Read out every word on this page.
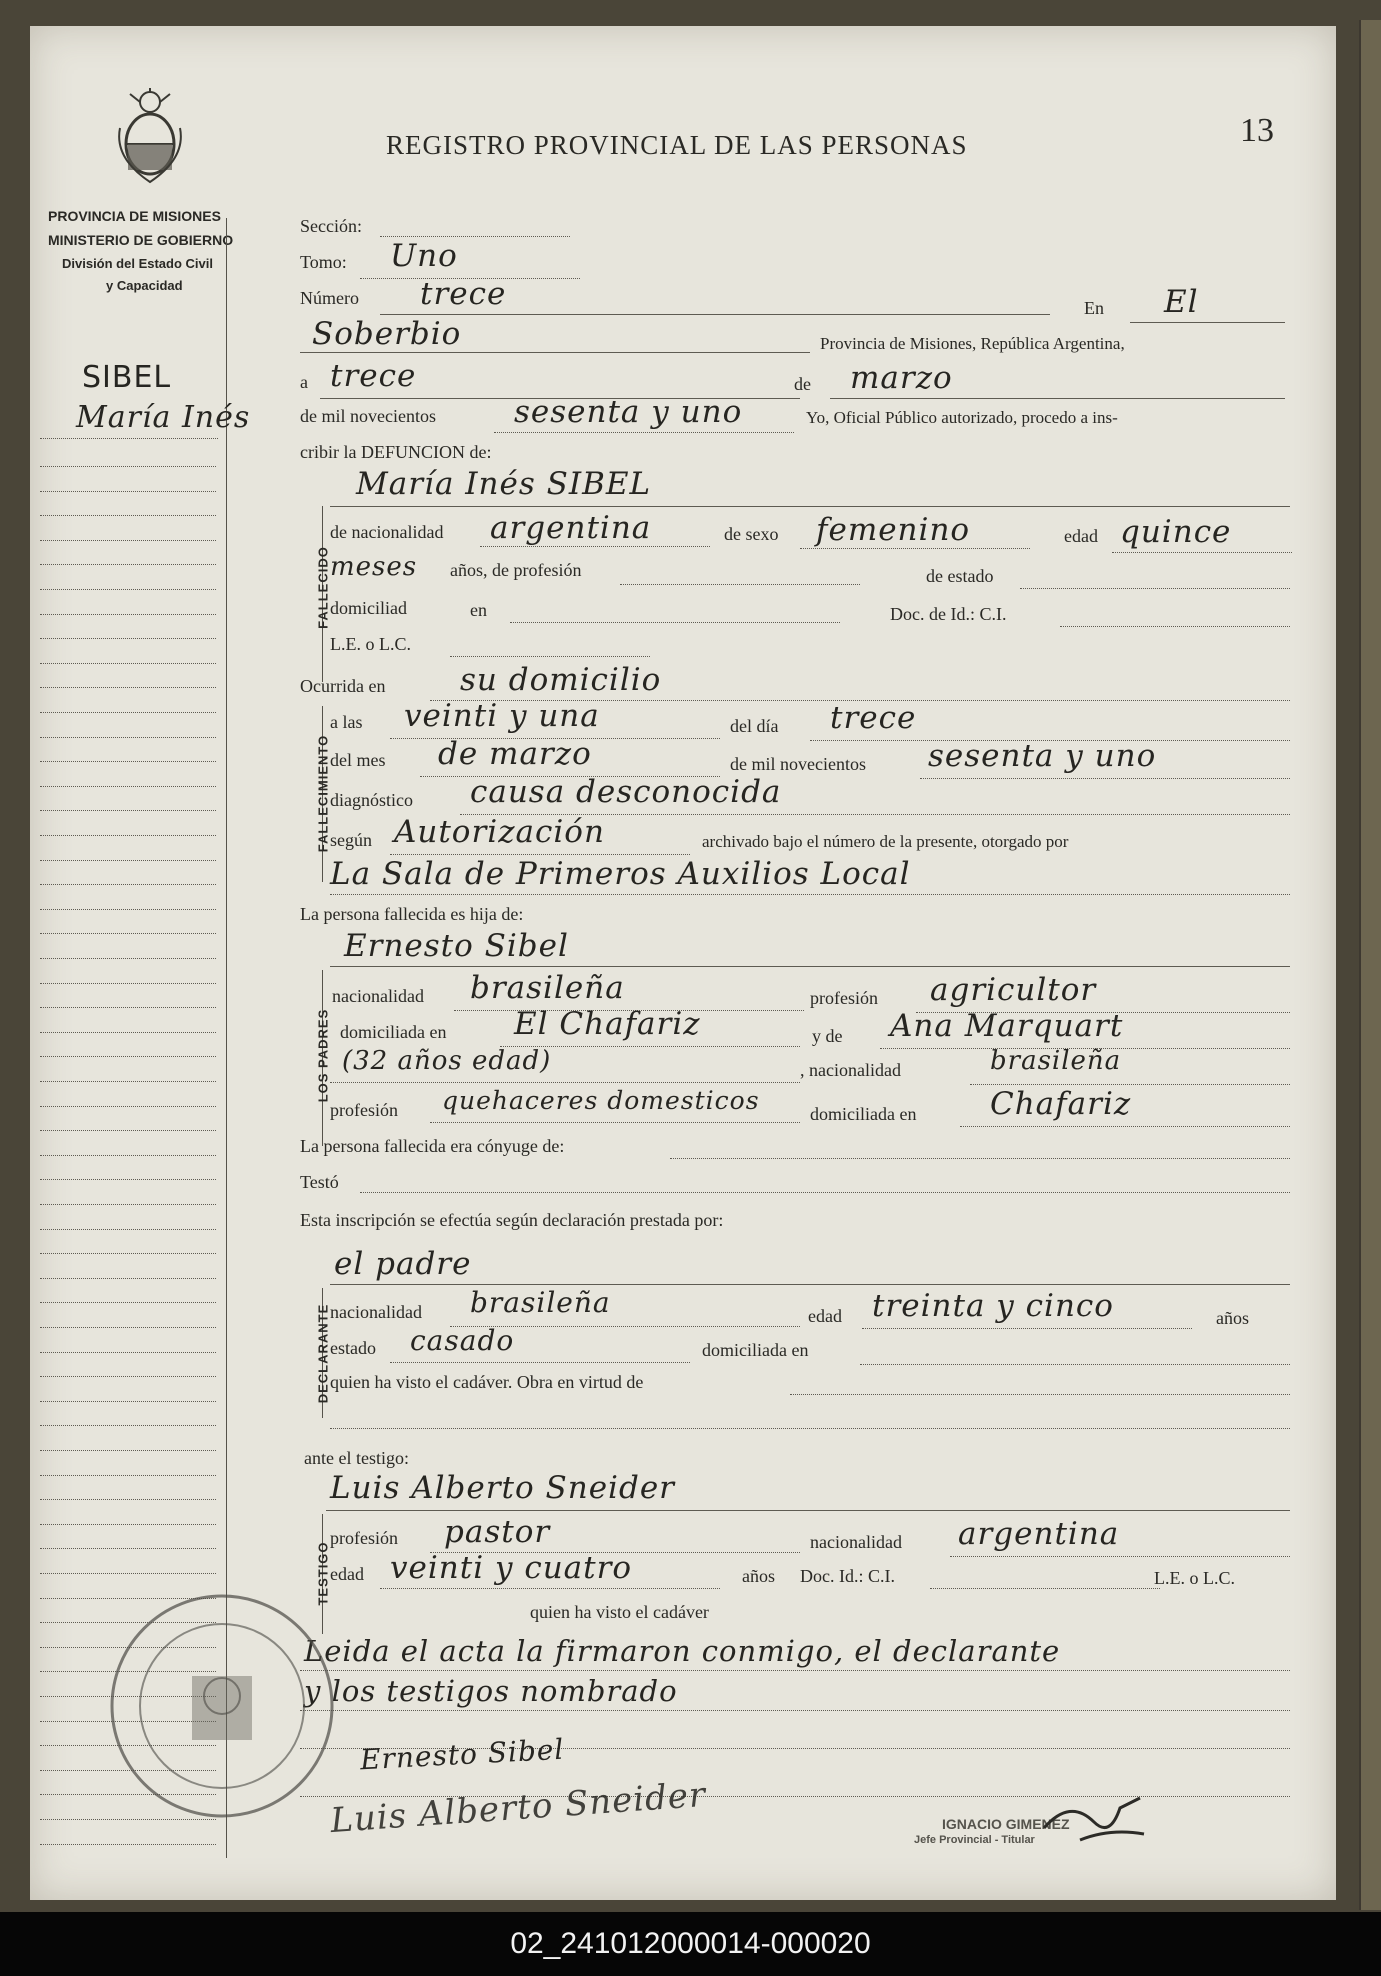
PROVINCIA DE MISIONES
MINISTERIO DE GOBIERNO
División del Estado Civil
y Capacidad
REGISTRO PROVINCIAL DE LAS PERSONAS	13
SIBEL
María Inés
Sección:
Tomo: Uno
Número trece	En El
Soberbio	Provincia de Misiones, República Argentina,
a trece	de marzo
de mil novecientos	sesenta y uno	Yo, Oficial Público autorizado, procedo a ins-
cribir la DEFUNCION de:
FALLECIDO
María Inés SIBEL
de nacionalidad argentina	de sexo femenino	edad quince
meses años, de profesión	de estado
domiciliad	en	Doc. de Id.: C.I.
L.E. o L.C.
Ocurrida en su domicilio
FALLECIMIENTO
a las veinti y una	del día trece
del mes de marzo	de mil novecientos sesenta y uno
diagnóstico causa desconocida
según Autorización	archivado bajo el número de la presente, otorgado por
La Sala de Primeros Auxilios Local
La persona fallecida es hija de:
Ernesto Sibel
LOS PADRES
nacionalidad brasileña	profesión agricultor
domiciliada en El Chafariz	y de Ana Marquart
(32 años edad)	, nacionalidad	brasileña
profesión quehaceres domesticos	domiciliada en Chafariz
La persona fallecida era cónyuge de:
Testó
Esta inscripción se efectúa según declaración prestada por:
el padre
DECLARANTE nacionalidad brasileña	edad treinta y cinco	años
estado casado	domiciliada en
quien ha visto el cadáver. Obra en virtud de
ante el testigo:
Luis Alberto Sneider
TESTIGO
profesión pastor	nacionalidad argentina
edad veinti y cuatro	años Doc. Id.: C.I.	L.E. o L.C.
quien ha visto el cadáver
Leida el acta la firmaron conmigo, el declarante
y los testigos nombrado
Ernesto Sibel
Luis Alberto Sneider	IGNACIO GIMENEZ
Jefe Provincial - Titular
02_241012000014-000020
